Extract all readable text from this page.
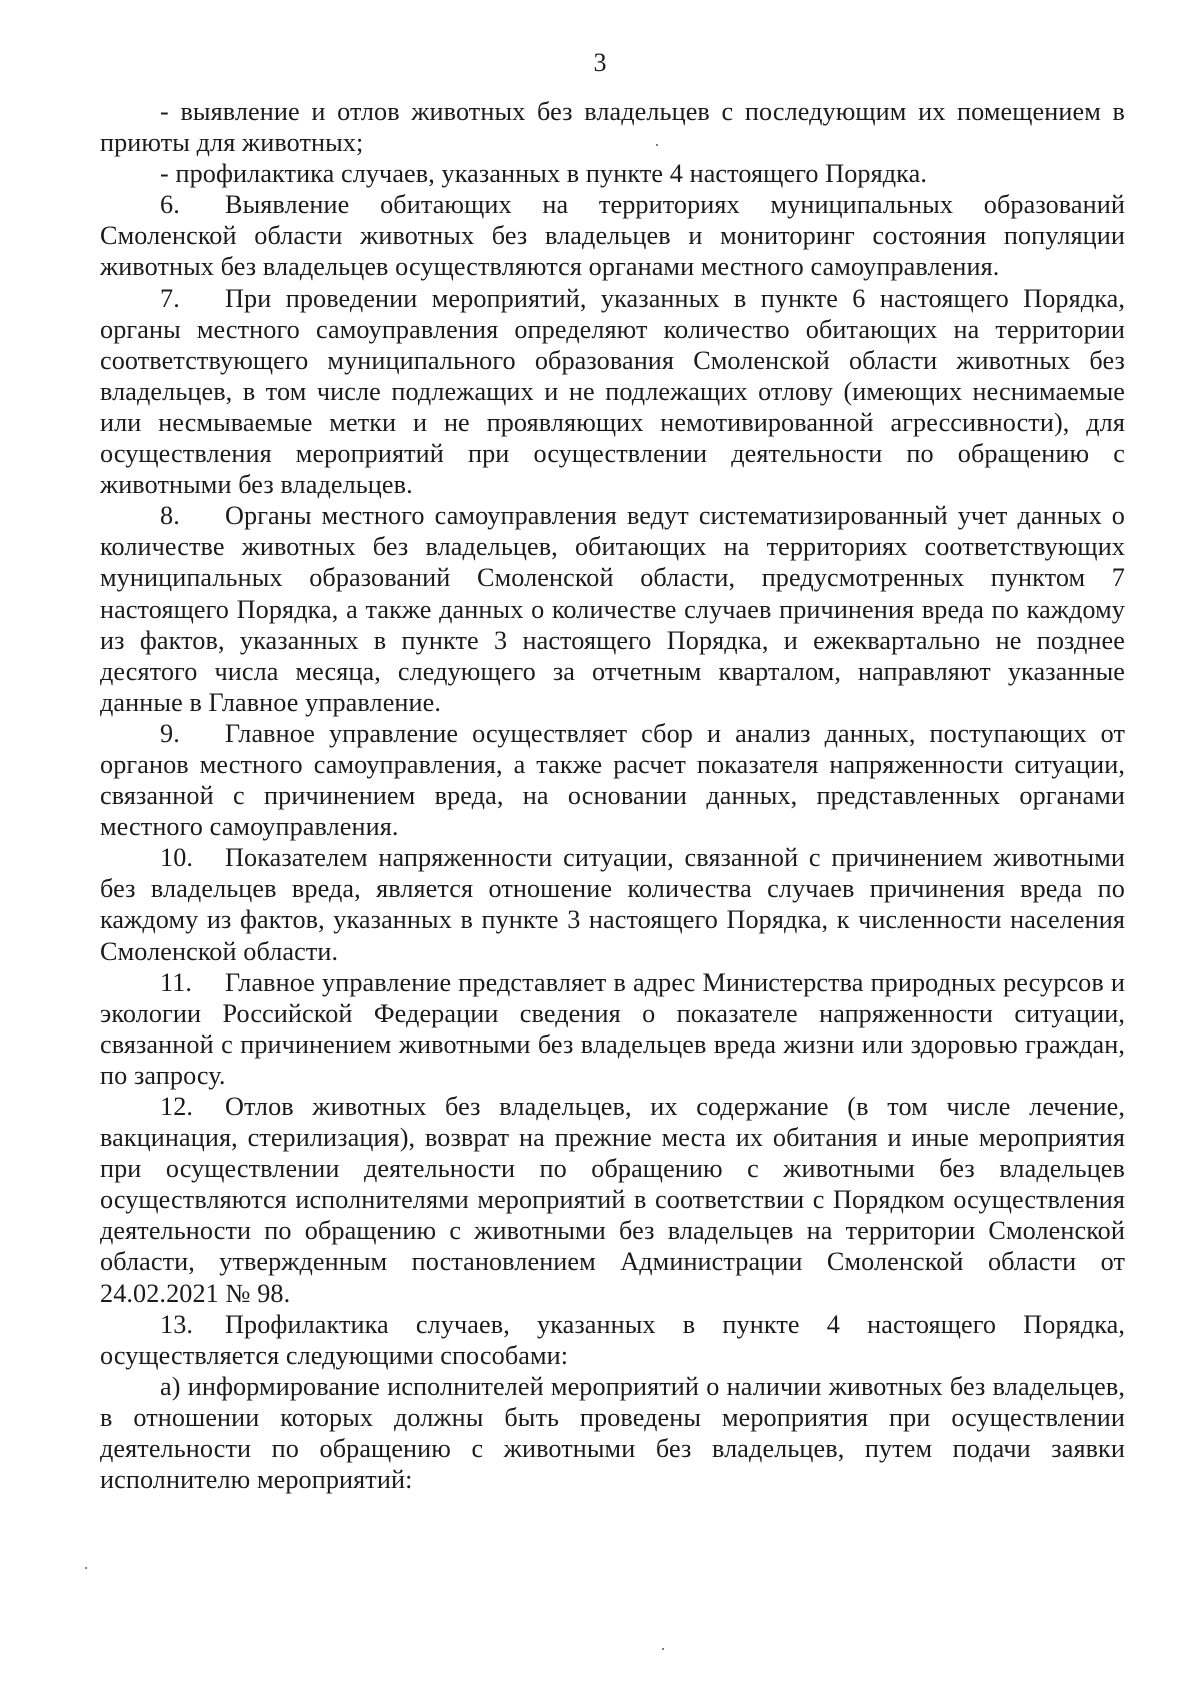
3

- выявление и отлов животных без владельцев с последующим их помещением в приюты для животных;

- профилактика случаев, указанных в пункте 4 настоящего Порядка.

6. Выявление обитающих на территориях муниципальных образований Смоленской области животных без владельцев и мониторинг состояния популяции животных без владельцев осуществляются органами местного самоуправления.

7. При проведении мероприятий, указанных в пункте 6 настоящего Порядка, органы местного самоуправления определяют количество обитающих на территории соответствующего муниципального образования Смоленской области животных без владельцев, в том числе подлежащих и не подлежащих отлову (имеющих неснимаемые или несмываемые метки и не проявляющих немотивированной агрессивности), для осуществления мероприятий при осуществлении деятельности по обращению с животными без владельцев.

8. Органы местного самоуправления ведут систематизированный учет данных о количестве животных без владельцев, обитающих на территориях соответствующих муниципальных образований Смоленской области, предусмотренных пунктом 7 настоящего Порядка, а также данных о количестве случаев причинения вреда по каждому из фактов, указанных в пункте 3 настоящего Порядка, и ежеквартально не позднее десятого числа месяца, следующего за отчетным кварталом, направляют указанные данные в Главное управление.

9. Главное управление осуществляет сбор и анализ данных, поступающих от органов местного самоуправления, а также расчет показателя напряженности ситуации, связанной с причинением вреда, на основании данных, представленных органами местного самоуправления.

10. Показателем напряженности ситуации, связанной с причинением животными без владельцев вреда, является отношение количества случаев причинения вреда по каждому из фактов, указанных в пункте 3 настоящего Порядка, к численности населения Смоленской области.

11. Главное управление представляет в адрес Министерства природных ресурсов и экологии Российской Федерации сведения о показателе напряженности ситуации, связанной с причинением животными без владельцев вреда жизни или здоровью граждан, по запросу.

12. Отлов животных без владельцев, их содержание (в том числе лечение, вакцинация, стерилизация), возврат на прежние места их обитания и иные мероприятия при осуществлении деятельности по обращению с животными без владельцев осуществляются исполнителями мероприятий в соответствии с Порядком осуществления деятельности по обращению с животными без владельцев на территории Смоленской области, утвержденным постановлением Администрации Смоленской области от 24.02.2021 № 98.

13. Профилактика случаев, указанных в пункте 4 настоящего Порядка, осуществляется следующими способами:

а) информирование исполнителей мероприятий о наличии животных без владельцев, в отношении которых должны быть проведены мероприятия при осуществлении деятельности по обращению с животными без владельцев, путем подачи заявки исполнителю мероприятий:
